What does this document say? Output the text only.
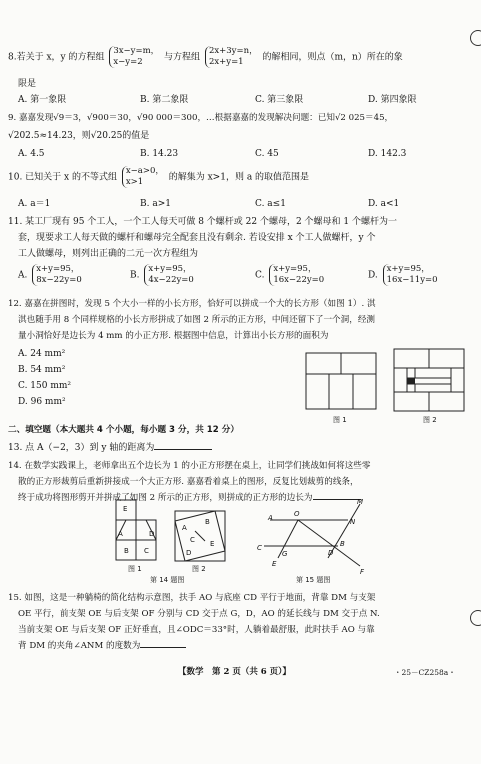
8.若关于 x，y 的方程组
3x−y=m，
x−y=2	与方程组
2x+3y=n，
2x+y=1	的解相同，则点（m，n）所在的象
限是
A. 第一象限	B. 第二象限	C. 第三象限	D. 第四象限
9. 嘉嘉发现√9＝3，√900＝30，√90 000＝300，…根据嘉嘉的发现解决问题：已知√2 025＝45，
√202.5≈14.23，则√20.25的值是
A. 4.5	B. 14.23	C. 45	D. 142.3
10. 已知关于 x 的不等式组
x−a>0，
x>1	的解集为 x>1，则 a 的取值范围是
A. a＝1	B. a>1	C. a≤1	D. a<1
11. 某工厂现有 95 个工人，一个工人每天可做 8 个螺杆或 22 个螺母，2 个螺母和 1 个螺杆为一
套，现要求工人每天做的螺杆和螺母完全配套且没有剩余. 若设安排 x 个工人做螺杆，y 个
工人做螺母，则列出正确的二元一次方程组为
A.
x+y=95，
8x−22y=0	B.
x+y=95，
4x−22y=0	C.
x+y=95，
16x−22y=0	D.
x+y=95，
16x−11y=0
12. 嘉嘉在拼图时，发现 5 个大小一样的小长方形，恰好可以拼成一个大的长方形（如图 1）. 淇
淇也随手用 8 个同样规格的小长方形拼成了如图 2 所示的正方形，中间还留下了一个洞，经测
量小洞恰好是边长为 4 mm 的小正方形. 根据图中信息，计算出小长方形的面积为
A. 24 mm²
B. 54 mm²
C. 150 mm²
D. 96 mm²
图 1	图 2
二、填空题（本大题共 4 个小题，每小题 3 分，共 12 分）
13. 点 A（−2，3）到 y 轴的距离为
14. 在数学实践课上，老师拿出五个边长为 1 的小正方形摆在桌上，让同学们挑战如何将这些零
散的正方形裁剪后重新拼接成一个大正方形. 嘉嘉看着桌上的图形，反复比划裁剪的线条，
终于成功将图形剪开并拼成了如图 2 所示的正方形，则拼成的正方形的边长为
E
A	D
B C
图 1
A
B
C
D
E
图 2
第 14 题图
M
O
A	N
C
G	D
B
E
F
第 15 题图
15. 如图，这是一种躺椅的简化结构示意图，扶手 AO 与底座 CD 平行于地面，背靠 DM 与支架
OE 平行，前支架 OE 与后支架 OF 分别与 CD 交于点 G，D，AO 的延长线与 DM 交于点 N.
当前支架 OE 与后支架 OF 正好垂直，且∠ODC＝33°时，人躺着最舒服，此时扶手 AO 与靠
背 DM 的夹角∠ANM 的度数为
【数学　第 2 页（共 6 页）】	・25－CZ258a・
